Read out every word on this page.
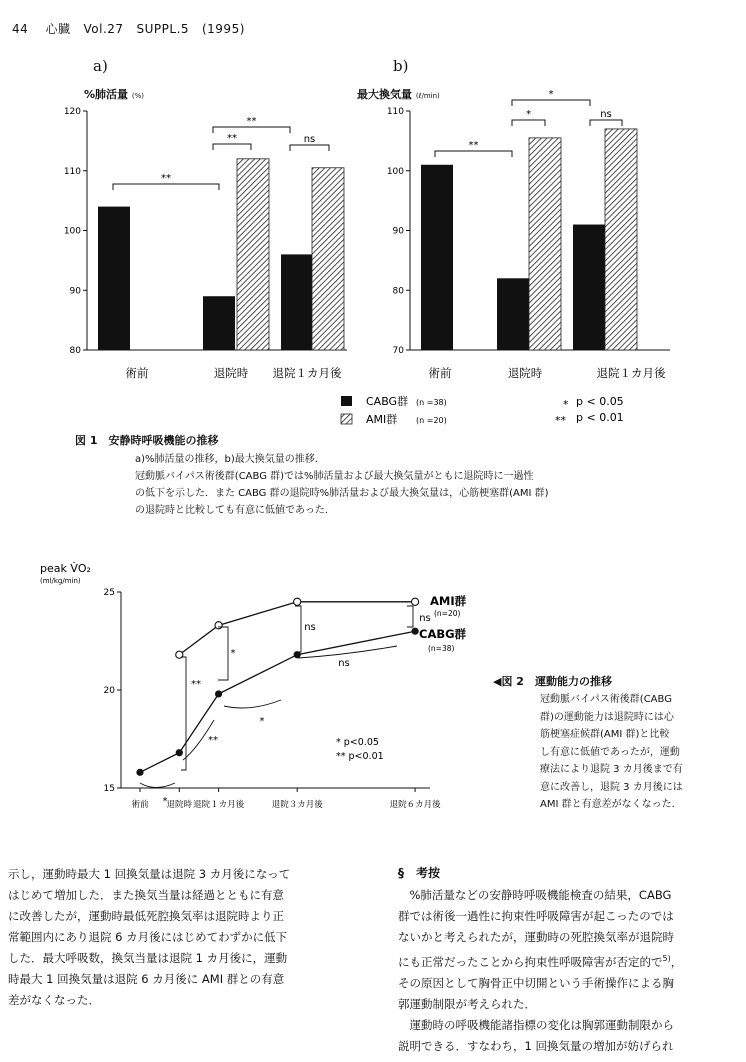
44 心臓 Vol.27 SUPPL.5 (1995)
a)	b)
%肺活量 (%)	最大換気量 (ℓ/min)
80
90
100
110
120
術前	退院時 退院１カ月後
**
**
**
ns
70
80
90
100
110
術前	退院時	退院１カ月後
**
*
*
ns
CABG群 (n =38)
AMI群 (n =20)
* p < 0.05
** p < 0.01
peak V̇O₂
(ml/kg/min)
15
20
25
術前 退院時 退院１カ月後	退院３カ月後	退院６カ月後
AMI群
(n=20)
CABG群
(n=38)
*
*
**
**
*
ns
ns
ns
* p<0.05
** p<0.01
図 1　安静時呼吸機能の推移
a)%肺活量の推移，b)最大換気量の推移．
冠動脈バイパス術後群(CABG 群)では%肺活量および最大換気量がともに退院時に一過性
の低下を示した．また CABG 群の退院時%肺活量および最大換気量は，心筋梗塞群(AMI 群)
の退院時と比較しても有意に低値であった．
◀図 2　運動能力の推移
冠動脈バイパス術後群(CABG
群)の運動能力は退院時には心
筋梗塞症候群(AMI 群)と比較
し有意に低値であったが，運動
療法により退院 3 カ月後まで有
意に改善し，退院 3 カ月後には
AMI 群と有意差がなくなった．
示し，運動時最大 1 回換気量は退院 3 カ月後になって
はじめて増加した．また換気当量は経過とともに有意
に改善したが，運動時最低死腔換気率は退院時より正
常範囲内にあり退院 6 カ月後にはじめてわずかに低下
した．最大呼吸数，換気当量は退院 1 カ月後に，運動
時最大 1 回換気量は退院 6 カ月後に AMI 群との有意
差がなくなった．
§　考按
　%肺活量などの安静時呼吸機能検査の結果，CABG
群では術後一過性に拘束性呼吸障害が起こったのでは
ないかと考えられたが，運動時の死腔換気率が退院時
にも正常だったことから拘束性呼吸障害が否定的で$^{5)}$，
その原因として胸骨正中切開という手術操作による胸
郭運動制限が考えられた．
　運動時の呼吸機能諸指標の変化は胸郭運動制限から
説明できる．すなわち，1 回換気量の増加が妨げられ
